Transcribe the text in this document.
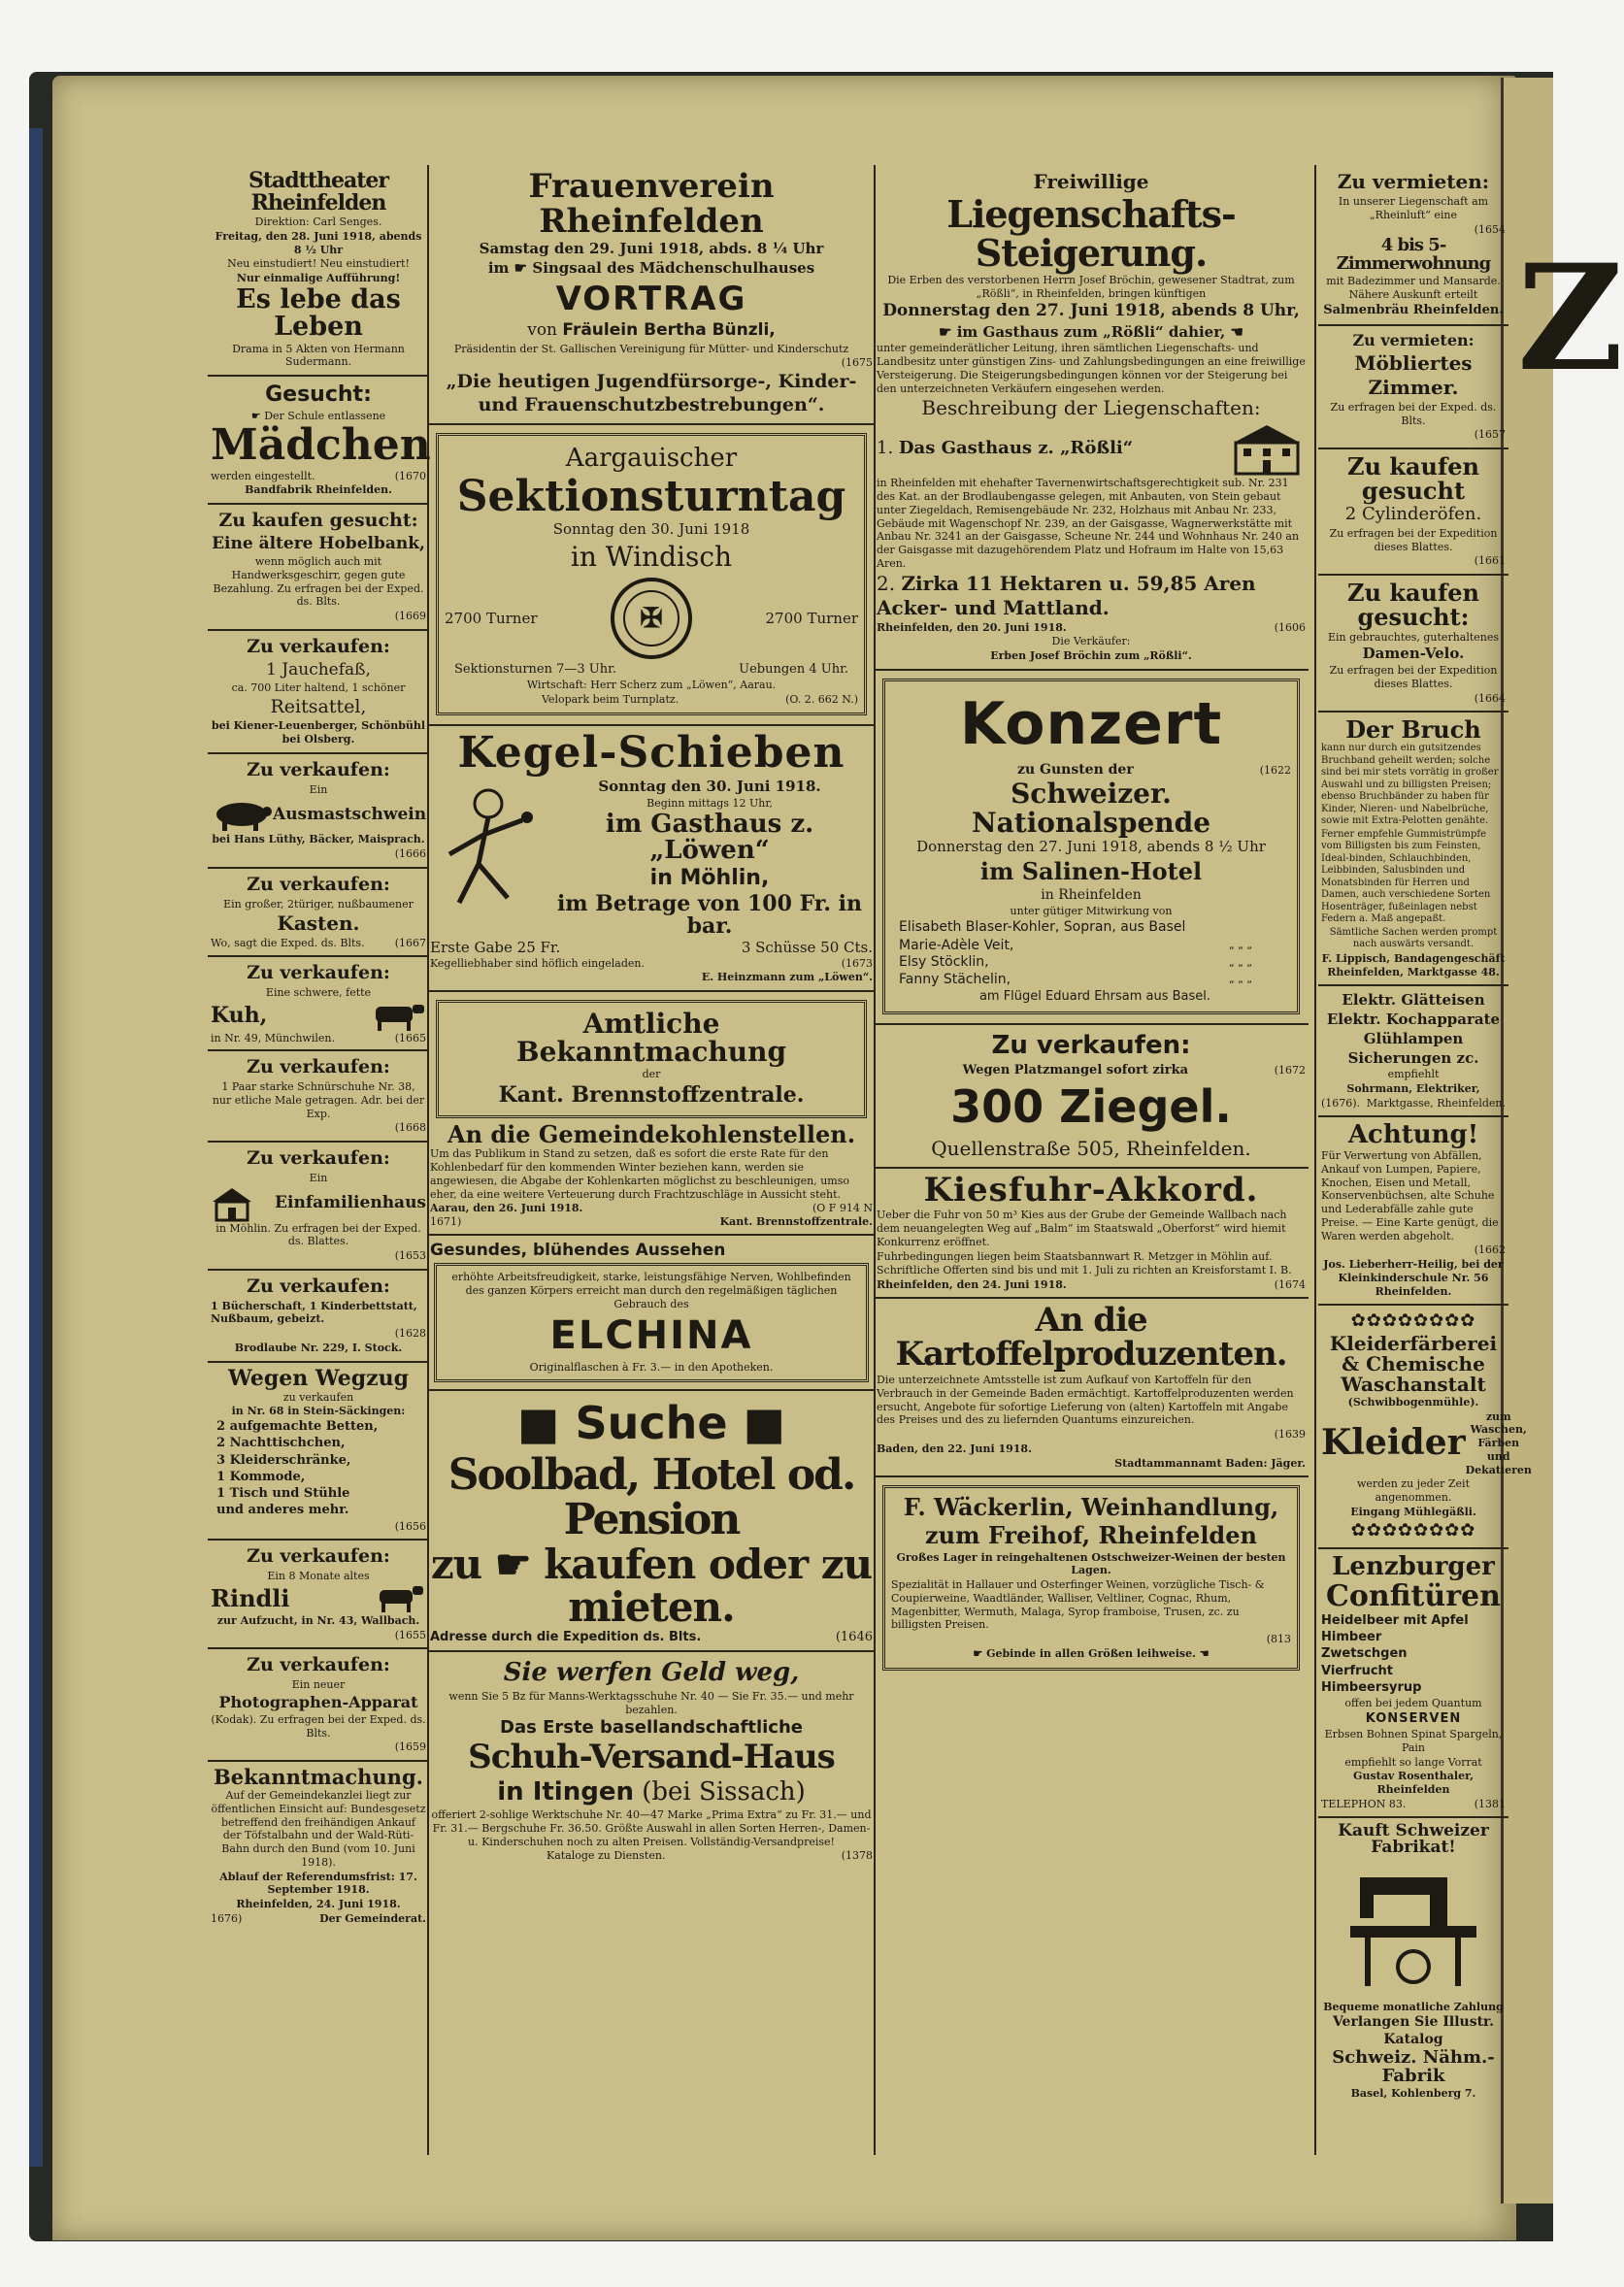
Z

Stadttheater Rheinfelden

Direktion: Carl Senges.

Freitag, den 28. Juni 1918, abends 8 ½ Uhr

Neu einstudiert! Neu einstudiert!

Nur einmalige Aufführung!

Es lebe das Leben

Drama in 5 Akten von Hermann Sudermann.

Gesucht:

☛ Der Schule entlassene

Mädchen

werden eingestellt.	(1670

Bandfabrik Rheinfelden.

Zu kaufen gesucht:

Eine ältere Hobelbank,

wenn möglich auch mit Handwerksgeschirr, gegen gute Bezahlung. Zu erfragen bei der Exped. ds. Blts.

(1669

Zu verkaufen:

1 Jauchefaß,

ca. 700 Liter haltend, 1 schöner

Reitsattel,

bei Kiener-Leuenberger, Schönbühl bei Olsberg.

Zu verkaufen:

Ein

Ausmastschwein

bei Hans Lüthy, Bäcker, Maisprach.

(1666

Zu verkaufen:

Ein großer, 2türiger, nußbaumener

Kasten.

Wo, sagt die Exped. ds. Blts.	(1667

Zu verkaufen:

Eine schwere, fette

Kuh,
in Nr. 49, Münchwilen.	(1665

Zu verkaufen:

1 Paar starke Schnürschuhe Nr. 38, nur etliche Male getragen. Adr. bei der Exp.

(1668

Zu verkaufen:

Ein

Einfamilienhaus

in Möhlin. Zu erfragen bei der Exped. ds. Blattes.

(1653

Zu verkaufen:

1 Bücherschaft, 1 Kinderbettstatt, Nußbaum, gebeizt.

(1628

Brodlaube Nr. 229, I. Stock.

Wegen Wegzug

zu verkaufen

in Nr. 68 in Stein-Säckingen:

2 aufgemachte Betten,

2 Nachttischchen,

3 Kleiderschränke,

1 Kommode,

1 Tisch und Stühle

und anderes mehr.

(1656

Zu verkaufen:

Ein 8 Monate altes

Rindli

zur Aufzucht, in Nr. 43, Wallbach.

(1655

Zu verkaufen:

Ein neuer

Photographen-Apparat

(Kodak). Zu erfragen bei der Exped. ds. Blts.

(1659

Bekanntmachung.

Auf der Gemeindekanzlei liegt zur öffentlichen Einsicht auf: Bundesgesetz betreffend den freihändigen Ankauf der Töfstalbahn und der Wald-Rüti-Bahn durch den Bund (vom 10. Juni 1918).

Ablauf der Referendumsfrist: 17. September 1918.

Rheinfelden, 24. Juni 1918.

1676)	Der Gemeinderat.

Frauenverein Rheinfelden

Samstag den 29. Juni 1918, abds. 8 ¼ Uhr

im ☛ Singsaal des Mädchenschulhauses

VORTRAG

von Fräulein Bertha Bünzli,

Präsidentin der St. Gallischen Vereinigung für Mütter- und Kinderschutz

(1675

„Die heutigen Jugendfürsorge-, Kinder- und Frauenschutzbestrebungen“.

Aargauischer

Sektionsturntag

Sonntag den 30. Juni 1918

in Windisch

2700 Turner	✠	2700 Turner
Sektionsturnen 7—3 Uhr.	Uebungen 4 Uhr.

Wirtschaft: Herr Scherz zum „Löwen“, Aarau.

Velopark beim Turnplatz.	(O. 2. 662 N.)

Kegel-Schieben

Sonntag den 30. Juni 1918.

Beginn mittags 12 Uhr,

im Gasthaus z. „Löwen“

in Möhlin,

im Betrage von 100 Fr. in bar.

Erste Gabe 25 Fr.	3 Schüsse 50 Cts.
Kegelliebhaber sind höflich eingeladen.	(1673

E. Heinzmann zum „Löwen“.

Amtliche Bekanntmachung

der

Kant. Brennstoffzentrale.

An die Gemeindekohlenstellen.

Um das Publikum in Stand zu setzen, daß es sofort die erste Rate für den Kohlenbedarf für den kommenden Winter beziehen kann, werden sie angewiesen, die Abgabe der Kohlenkarten möglichst zu beschleunigen, umso eher, da eine weitere Verteuerung durch Frachtzuschläge in Aussicht steht.

Aarau, den 26. Juni 1918.	(O F 914 N
1671)	Kant. Brennstoffzentrale.

Gesundes, blühendes Aussehen

erhöhte Arbeitsfreudigkeit, starke, leistungsfähige Nerven, Wohlbefinden des ganzen Körpers erreicht man durch den regelmäßigen täglichen Gebrauch des

ELCHINA

Originalflaschen à Fr. 3.— in den Apotheken.

■ Suche ■

Soolbad, Hotel od. Pension

zu ☛ kaufen oder zu mieten.

Adresse durch die Expedition ds. Blts.	(1646

Sie werfen Geld weg,

wenn Sie 5 Bz für Manns-Werktagsschuhe Nr. 40 — Sie Fr. 35.— und mehr bezahlen.

Das Erste basellandschaftliche

Schuh-Versand-Haus

in Itingen (bei Sissach)

offeriert 2-sohlige Werktschuhe Nr. 40—47 Marke „Prima Extra“ zu Fr. 31.— und Fr. 31.— Bergschuhe Fr. 36.50. Größte Auswahl in allen Sorten Herren-, Damen- u. Kinderschuhen noch zu alten Preisen. Vollständig-Versandpreise!

Kataloge zu Diensten.	(1378

Freiwillige

Liegenschafts-Steigerung.

Die Erben des verstorbenen Herrn Josef Bröchin, gewesener Stadtrat, zum „Rößli“, in Rheinfelden, bringen künftigen

Donnerstag den 27. Juni 1918, abends 8 Uhr,

☛ im Gasthaus zum „Rößli“ dahier, ☚

unter gemeinderätlicher Leitung, ihren sämtlichen Liegenschafts- und Landbesitz unter günstigen Zins- und Zahlungsbedingungen an eine freiwillige Versteigerung. Die Steigerungsbedingungen können vor der Steigerung bei den unterzeichneten Verkäufern eingesehen werden.

Beschreibung der Liegenschaften:

1. Das Gasthaus z. „Rößli“

in Rheinfelden mit ehehafter Tavernenwirtschaftsgerechtigkeit sub. Nr. 231 des Kat. an der Brodlaubengasse gelegen, mit Anbauten, von Stein gebaut unter Ziegeldach, Remisengebäude Nr. 232, Holzhaus mit Anbau Nr. 233, Gebäude mit Wagenschopf Nr. 239, an der Gaisgasse, Wagnerwerkstätte mit Anbau Nr. 3241 an der Gaisgasse, Scheune Nr. 244 und Wohnhaus Nr. 240 an der Gaisgasse mit dazugehörendem Platz und Hofraum im Halte von 15,63 Aren.

2. Zirka 11 Hektaren u. 59,85 Aren Acker- und Mattland.

Rheinfelden, den 20. Juni 1918.	(1606

Die Verkäufer:

Erben Josef Bröchin zum „Rößli“.

Konzert

zu Gunsten der	(1622

Schweizer. Nationalspende

Donnerstag den 27. Juni 1918, abends 8 ½ Uhr

im Salinen-Hotel

in Rheinfelden

unter gütiger Mitwirkung von

Elisabeth Blaser-Kohler, Sopran, aus Basel

Marie-Adèle Veit,	„ „ „
Elsy Stöcklin,	„ „ „
Fanny Stächelin,	„ „ „

am Flügel Eduard Ehrsam aus Basel.

Zu verkaufen:

Wegen Platzmangel sofort zirka	(1672

300 Ziegel.

Quellenstraße 505, Rheinfelden.

Kiesfuhr-Akkord.

Ueber die Fuhr von 50 m³ Kies aus der Grube der Gemeinde Wallbach nach dem neuangelegten Weg auf „Balm“ im Staatswald „Oberforst“ wird hiemit Konkurrenz eröffnet.

Fuhrbedingungen liegen beim Staatsbannwart R. Metzger in Möhlin auf.

Schriftliche Offerten sind bis und mit 1. Juli zu richten an Kreisforstamt I. B.

Rheinfelden, den 24. Juni 1918.	(1674

An die Kartoffelproduzenten.

Die unterzeichnete Amtsstelle ist zum Aufkauf von Kartoffeln für den Verbrauch in der Gemeinde Baden ermächtigt. Kartoffelproduzenten werden ersucht, Angebote für sofortige Lieferung von (alten) Kartoffeln mit Angabe des Preises und des zu liefernden Quantums einzureichen.

(1639

Baden, den 22. Juni 1918.

Stadtammannamt Baden: Jäger.

F. Wäckerlin, Weinhandlung,

zum Freihof, Rheinfelden

Großes Lager in reingehaltenen Ostschweizer-Weinen der besten Lagen.

Spezialität in Hallauer und Osterfinger Weinen, vorzügliche Tisch- & Coupierweine, Waadtländer, Walliser, Veltliner, Cognac, Rhum, Magenbitter, Wermuth, Malaga, Syrop framboise, Trusen, zc. zu billigsten Preisen.

(813

☛ Gebinde in allen Größen leihweise. ☚

Zu vermieten:

In unserer Liegenschaft am „Rheinluft“ eine

(1654

4 bis 5-Zimmerwohnung

mit Badezimmer und Mansarde. Nähere Auskunft erteilt

Salmenbräu Rheinfelden.

Zu vermieten:

Möbliertes Zimmer.

Zu erfragen bei der Exped. ds. Blts.

(1657

Zu kaufen gesucht

2 Cylinderöfen.

Zu erfragen bei der Expedition dieses Blattes.

(1661

Zu kaufen gesucht:

Ein gebrauchtes, guterhaltenes

Damen-Velo.

Zu erfragen bei der Expedition dieses Blattes.

(1664

Der Bruch

kann nur durch ein gutsitzendes Bruchband geheilt werden; solche sind bei mir stets vorrätig in großer Auswahl und zu billigsten Preisen; ebenso Bruchbänder zu haben für Kinder, Nieren- und Nabelbrüche, sowie mit Extra-Pelotten genähte.

Ferner empfehle Gummistrümpfe vom Billigsten bis zum Feinsten, Ideal-binden, Schlauchbinden, Leibbinden, Salusbinden und Monatsbinden für Herren und Damen, auch verschiedene Sorten Hosenträger, fußeinlagen nebst Federn a. Maß angepaßt.

Sämtliche Sachen werden prompt nach auswärts versandt.

F. Lippisch, Bandagengeschäft Rheinfelden, Marktgasse 48.

Elektr. Glätteisen

Elektr. Kochapparate

Glühlampen

Sicherungen zc.

empfiehlt

Sohrmann, Elektriker,

(1676). Marktgasse, Rheinfelden.

Achtung!

Für Verwertung von Abfällen, Ankauf von Lumpen, Papiere, Knochen, Eisen und Metall, Konservenbüchsen, alte Schuhe und Lederabfälle zahle gute Preise. — Eine Karte genügt, die Waren werden abgeholt.

(1662

Jos. Lieberherr-Heilig, bei der Kleinkinderschule Nr. 56 Rheinfelden.

✿✿✿✿✿✿✿✿

Kleiderfärberei & Chemische Waschanstalt

(Schwibbogenmühle).

Kleider
zum Waschen, Färben und Dekatieren

werden zu jeder Zeit angenommen.

Eingang Mühlegäßli.

✿✿✿✿✿✿✿✿

Lenzburger

Confitüren

Heidelbeer mit Apfel

Himbeer

Zwetschgen

Vierfrucht

Himbeersyrup

offen bei jedem Quantum

KONSERVEN

Erbsen Bohnen Spinat Spargeln, Pain

empfiehlt so lange Vorrat

Gustav Rosenthaler, Rheinfelden

TELEPHON 83.	(1381

Kauft Schweizer Fabrikat!

Bequeme monatliche Zahlung

Verlangen Sie Illustr. Katalog

Schweiz. Nähm.- Fabrik

Basel, Kohlenberg 7.
